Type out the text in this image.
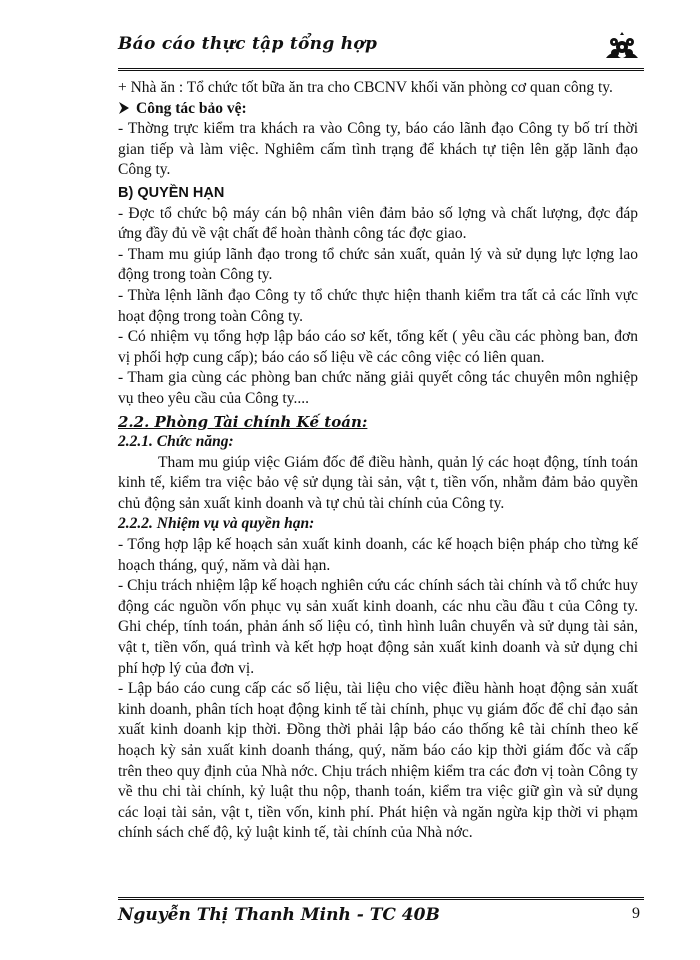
Báo cáo thực tập tổng hợp

+ Nhà ăn : Tổ chức tốt bữa ăn tra cho CBCNV khối văn phòng cơ quan công ty.

Công tác bảo vệ:

- Thờng trực kiểm tra khách ra vào Công ty, báo cáo lãnh đạo Công ty bố trí thời gian tiếp và làm việc. Nghiêm cấm tình trạng để khách tự tiện lên gặp lãnh đạo Công ty.

B) QUYỀN HẠN

- Đợc tổ chức bộ máy cán bộ nhân viên đảm bảo số lợng và chất lượng, đợc đáp ứng đầy đủ về vật chất để hoàn thành công tác đợc giao.

- Tham mu giúp lãnh đạo trong tổ chức sản xuất, quản lý và sử dụng lực lợng lao động trong toàn Công ty.

- Thừa lệnh lãnh đạo Công ty tổ chức thực hiện thanh kiểm tra tất cả các lĩnh vực hoạt động trong toàn Công ty.

- Có nhiệm vụ tổng hợp lập báo cáo sơ kết, tổng kết ( yêu cầu các phòng ban, đơn vị phối hợp cung cấp); báo cáo số liệu về các công việc có liên quan.

- Tham gia cùng các phòng ban chức năng giải quyết công tác chuyên môn nghiệp vụ theo yêu cầu của Công ty....

2.2. Phòng Tài chính Kế toán:
2.2.1. Chức năng:

Tham mu giúp việc Giám đốc để điều hành, quản lý các hoạt động, tính toán kinh tế, kiểm tra việc bảo vệ sử dụng tài sản, vật t, tiền vốn, nhằm đảm bảo quyền chủ động sản xuất kinh doanh và tự chủ tài chính của Công ty.

2.2.2. Nhiệm vụ và quyền hạn:

- Tổng hợp lập kế hoạch sản xuất kinh doanh, các kế hoạch biện pháp cho từng kế hoạch tháng, quý, năm và dài hạn.

- Chịu trách nhiệm lập kế hoạch nghiên cứu các chính sách tài chính và tổ chức huy động các nguồn vốn phục vụ sản xuất kinh doanh, các nhu cầu đầu t của Công ty. Ghi chép, tính toán, phản ánh số liệu có, tình hình luân chuyển và sử dụng tài sản, vật t, tiền vốn, quá trình và kết hợp hoạt động sản xuất kinh doanh và sử dụng chi phí hợp lý của đơn vị.

- Lập báo cáo cung cấp các số liệu, tài liệu cho việc điều hành hoạt động sản xuất kinh doanh, phân tích hoạt động kinh tế tài chính, phục vụ giám đốc để chỉ đạo sản xuất kinh doanh kịp thời. Đồng thời phải lập báo cáo thống kê tài chính theo kế hoạch kỳ sản xuất kinh doanh tháng, quý, năm báo cáo kịp thời giám đốc và cấp trên theo quy định của Nhà nớc. Chịu trách nhiệm kiểm tra các đơn vị toàn Công ty về thu chi tài chính, kỷ luật thu nộp, thanh toán, kiểm tra việc giữ gìn và sử dụng các loại tài sản, vật t, tiền vốn, kinh phí. Phát hiện và ngăn ngừa kịp thời vi phạm chính sách chế độ, kỷ luật kinh tế, tài chính của Nhà nớc.

Nguyễn Thị Thanh Minh - TC 40B	9
